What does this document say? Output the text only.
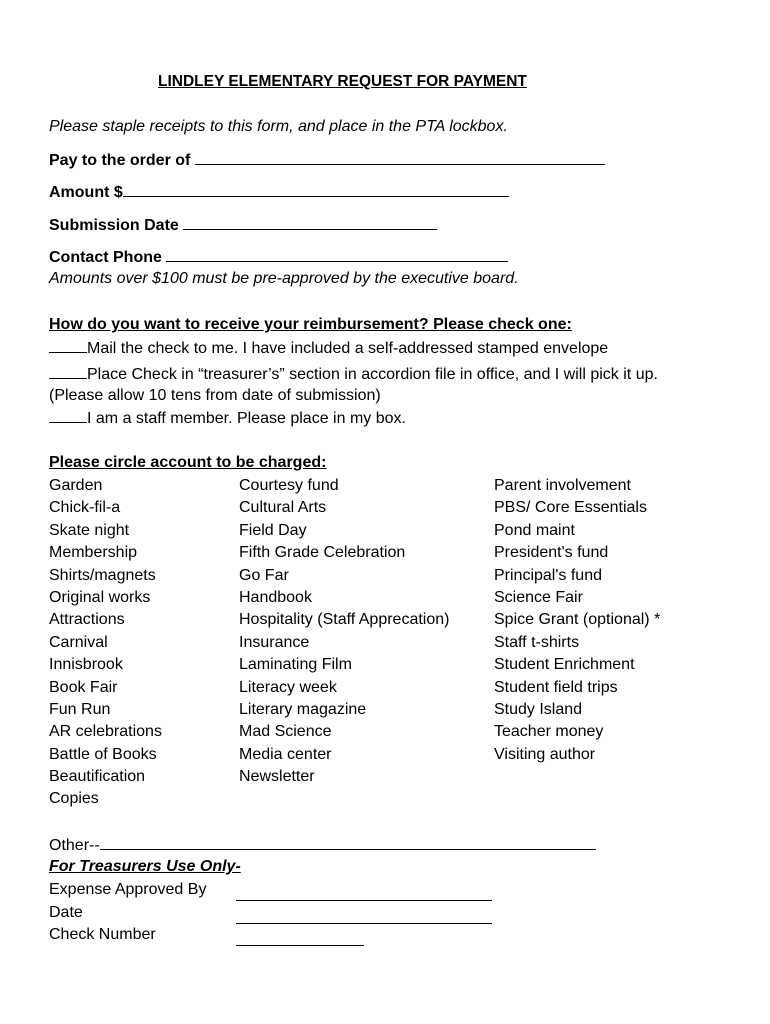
LINDLEY ELEMENTARY REQUEST FOR PAYMENT
Please staple receipts to this form, and place in the PTA lockbox.
Pay to the order of
Amount $
Submission Date
Contact Phone
Amounts over $100 must be pre-approved by the executive board.
How do you want to receive your reimbursement? Please check one:
Mail the check to me. I have included a self-addressed stamped envelope
Place Check in “treasurer’s” section in accordion file in office, and I will pick it up.
(Please allow 10 tens from date of submission)
I am a staff member. Please place in my box.
Please circle account to be charged:
Garden
Chick-fil-a
Skate night
Membership
Shirts/magnets
Original works
Attractions
Carnival
Innisbrook
Book Fair
Fun Run
AR celebrations
Battle of Books
Beautification
Copies
Courtesy fund
Cultural Arts
Field Day
Fifth Grade Celebration
Go Far
Handbook
Hospitality (Staff Apprecation)
Insurance
Laminating Film
Literacy week
Literary magazine
Mad Science
Media center
Newsletter
Parent involvement
PBS/ Core Essentials
Pond maint
President's fund
Principal's fund
Science Fair
Spice Grant (optional) *
Staff t-shirts
Student Enrichment
Student field trips
Study Island
Teacher money
Visiting author
Other--
For Treasurers Use Only-
Expense Approved By
Date
Check Number
